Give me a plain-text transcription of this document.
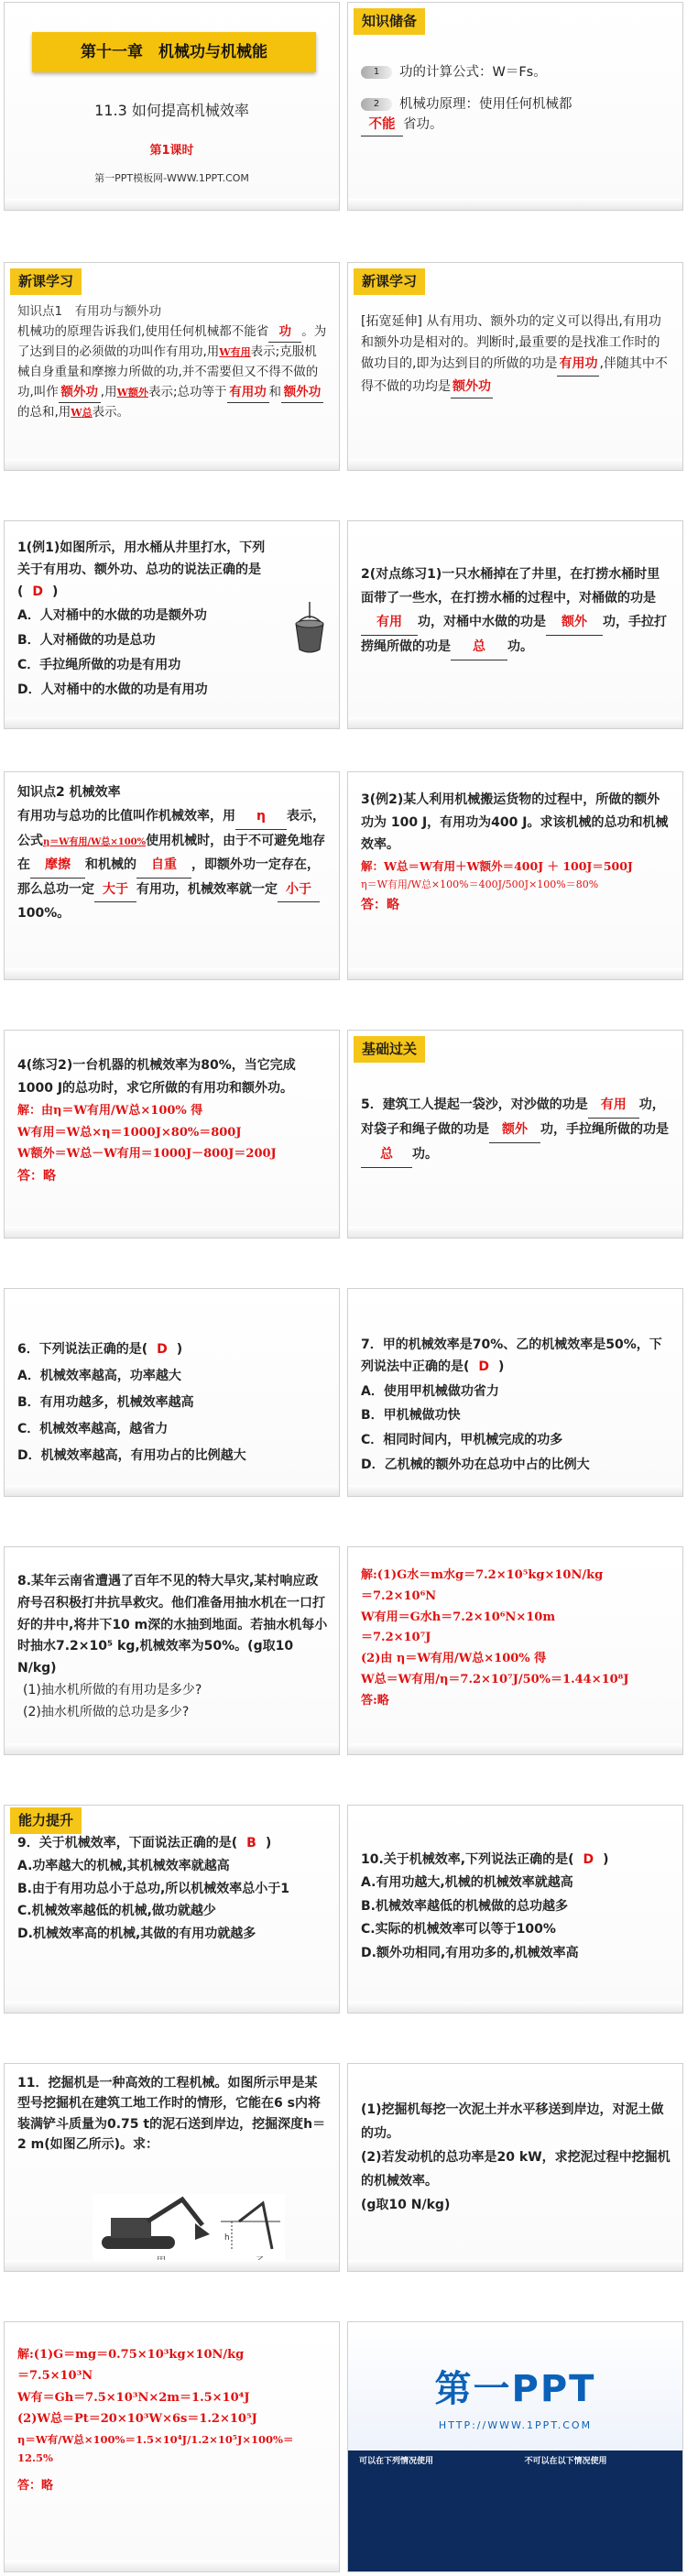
第十一章　机械功与机械能
11.3 如何提高机械效率
第1课时
第一PPT模板网-WWW.1PPT.COM
知识储备
1 功的计算公式：W＝Fs。
2 机械功原理：使用任何机械都
不能 省功。
新课学习
知识点1　有用功与额外功
机械功的原理告诉我们,使用任何机械都不能省 功 。为了达到目的必须做的功叫作有用功,用W有用表示;克服机械自身重量和摩擦力所做的功,并不需要但又不得不做的功,叫作 额外功 ,用W额外表示;总功等于 有用功 和 额外功的总和,用W总表示。
新课学习
[拓宽延伸] 从有用功、额外功的定义可以得出,有用功和额外功是相对的。判断时,最重要的是找准工作时的做功目的,即为达到目的所做的功是 有用功 ,伴随其中不得不做的功均是 额外功
1(例1)如图所示，用水桶从井里打水，下列关于有用功、额外功、总功的说法正确的是( D )
A．人对桶中的水做的功是额外功
B．人对桶做的功是总功
C．手拉绳所做的功是有用功
D．人对桶中的水做的功是有用功
2(对点练习1)一只水桶掉在了井里，在打捞水桶时里面带了一些水，在打捞水桶的过程中，对桶做的功是有用 功，对桶中水做的功是 额外 功，手拉打捞绳所做的功是 总 功。
知识点2 机械效率
有用功与总功的比值叫作机械效率，用 η 表示，公式η＝W有用/W总×100%使用机械时，由于不可避免地存在 摩擦 和机械的 自重 ，即额外功一定存在，那么总功一定 大于 有用功，机械效率就一定 小于100%。
3(例2)某人利用机械搬运货物的过程中，所做的额外功为 100 J，有用功为400 J。求该机械的总功和机械效率。
解：W总＝W有用＋W额外＝400J ＋ 100J＝500J
η＝W有用/W总×100%＝400J/500J×100%＝80%
答：略
4(练习2)一台机器的机械效率为80%，当它完成1000 J的总功时，求它所做的有用功和额外功。
解：由η＝W有用/W总×100% 得
W有用＝W总×η＝1000J×80%＝800J
W额外＝W总－W有用＝1000J－800J＝200J
答：略
基础过关
5．建筑工人提起一袋沙，对沙做的功是 有用 功，对袋子和绳子做的功是 额外 功，手拉绳所做的功是总 功。
6．下列说法正确的是( D )
A．机械效率越高，功率越大
B．有用功越多，机械效率越高
C．机械效率越高，越省力
D．机械效率越高，有用功占的比例越大
7．甲的机械效率是70%、乙的机械效率是50%，下列说法中正确的是( D )
A．使用甲机械做功省力
B．甲机械做功快
C．相同时间内，甲机械完成的功多
D．乙机械的额外功在总功中占的比例大
8.某年云南省遭遇了百年不见的特大旱灾,某村响应政府号召积极打井抗旱救灾。他们准备用抽水机在一口打好的井中,将井下10 m深的水抽到地面。若抽水机每小时抽水7.2×10⁵ kg,机械效率为50%。(g取10 N/kg)
(1)抽水机所做的有用功是多少?
(2)抽水机所做的总功是多少?
解:(1)G水＝m水g＝7.2×10⁵kg×10N/kg
＝7.2×10⁶N
W有用＝G水h＝7.2×10⁶N×10m
＝7.2×10⁷J
(2)由 η＝W有用/W总×100% 得
W总＝W有用/η＝7.2×10⁷J/50%＝1.44×10⁸J
答:略
能力提升
9．关于机械效率，下面说法正确的是( B )
A.功率越大的机械,其机械效率就越高
B.由于有用功总小于总功,所以机械效率总小于1
C.机械效率越低的机械,做功就越少
D.机械效率高的机械,其做的有用功就越多
10.关于机械效率,下列说法正确的是( D )
A.有用功越大,机械的机械效率就越高
B.机械效率越低的机械做的总功越多
C.实际的机械效率可以等于100%
D.额外功相同,有用功多的,机械效率高
11．挖掘机是一种高效的工程机械。如图所示甲是某型号挖掘机在建筑工地工作时的情形，它能在6 s内将装满铲斗质量为0.75 t的泥石送到岸边，挖掘深度h＝2 m(如图乙所示)。求：
h
(1)挖掘机每挖一次泥土并水平移送到岸边，对泥土做的功。
(2)若发动机的总功率是20 kW，求挖泥过程中挖掘机的机械效率。
(g取10 N/kg)
解:(1)G＝mg＝0.75×10³kg×10N/kg
＝7.5×10³N
W有＝Gh＝7.5×10³N×2m＝1.5×10⁴J
(2)W总＝Pt＝20×10³W×6s＝1.2×10⁵J
η＝W有/W总×100%＝1.5×10⁴J/1.2×10⁵J×100%＝12.5%
答：略
第一PPT
HTTP://WWW.1PPT.COM
可以在下列情况使用	不可以在以下情况使用
